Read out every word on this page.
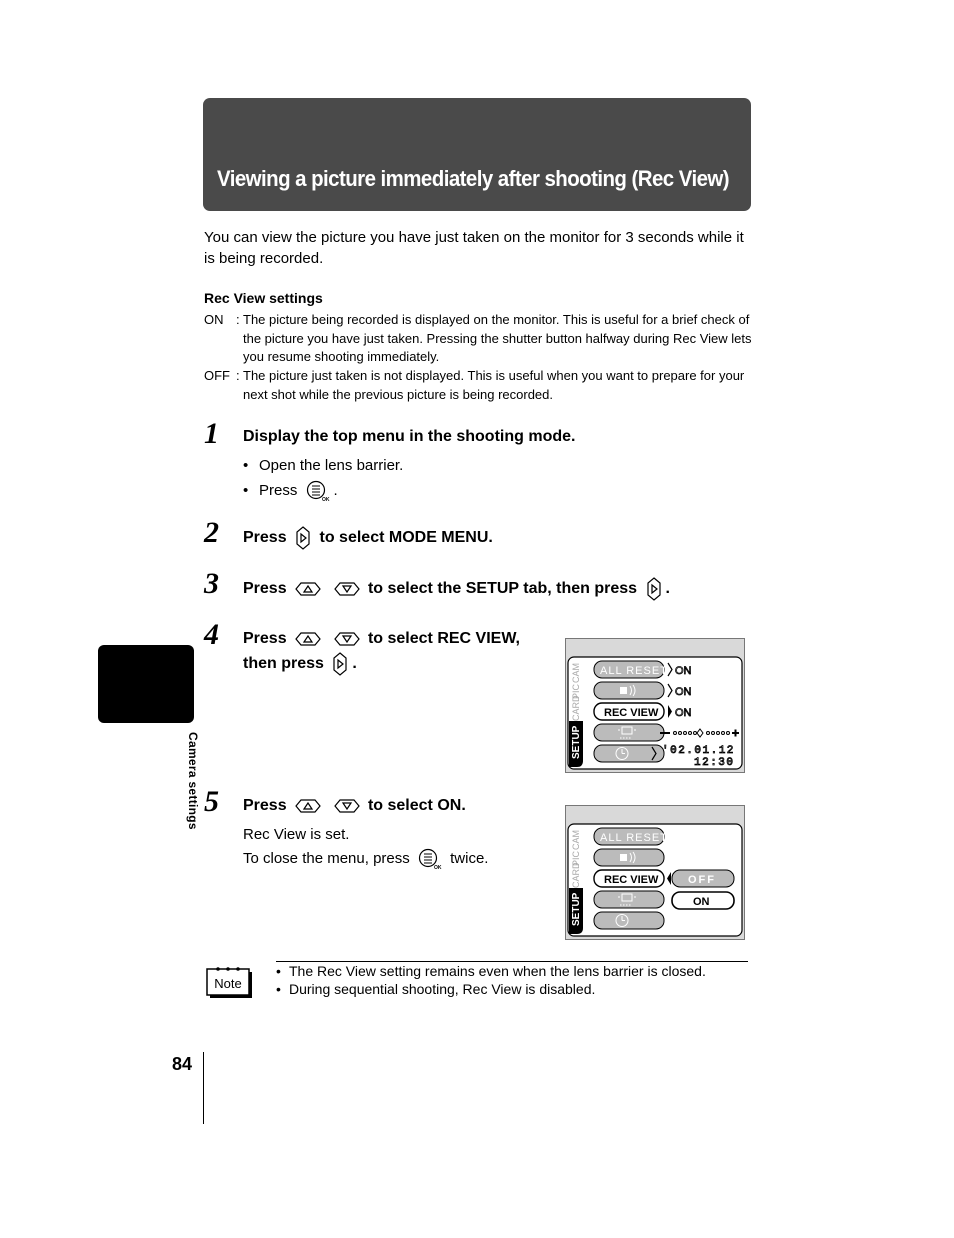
Viewing a picture immediately after shooting (Rec View)
You can view the picture you have just taken on the monitor for 3 seconds while it is being recorded.
Rec View settings
ON : The picture being recorded is displayed on the monitor. This is useful for a brief check of the picture you have just taken. Pressing the shutter button halfway during Rec View lets you resume shooting immediately.
OFF : The picture just taken is not displayed. This is useful when you want to prepare for your next shot while the previous picture is being recorded.
1 Display the top menu in the shooting mode.
• Open the lens barrier.
• Press
OK
.
2 Press to select MODE MENU.
3 Press	to select the SETUP tab, then press .
4 Press	to select REC VIEW,
then press .
5 Press	to select ON.
Rec View is set.
To close the menu, press
OK
twice.
Camera settings
CAM
PIC
CARD
SETUP
ALL RESET
REC VIEW
ON
ON
ON
'02.01.12
12:30
CAM
PIC
CARD
SETUP
ALL RESET
REC VIEW	OFF
ON
Note
• The Rec View setting remains even when the lens barrier is closed.
• During sequential shooting, Rec View is disabled.
84
